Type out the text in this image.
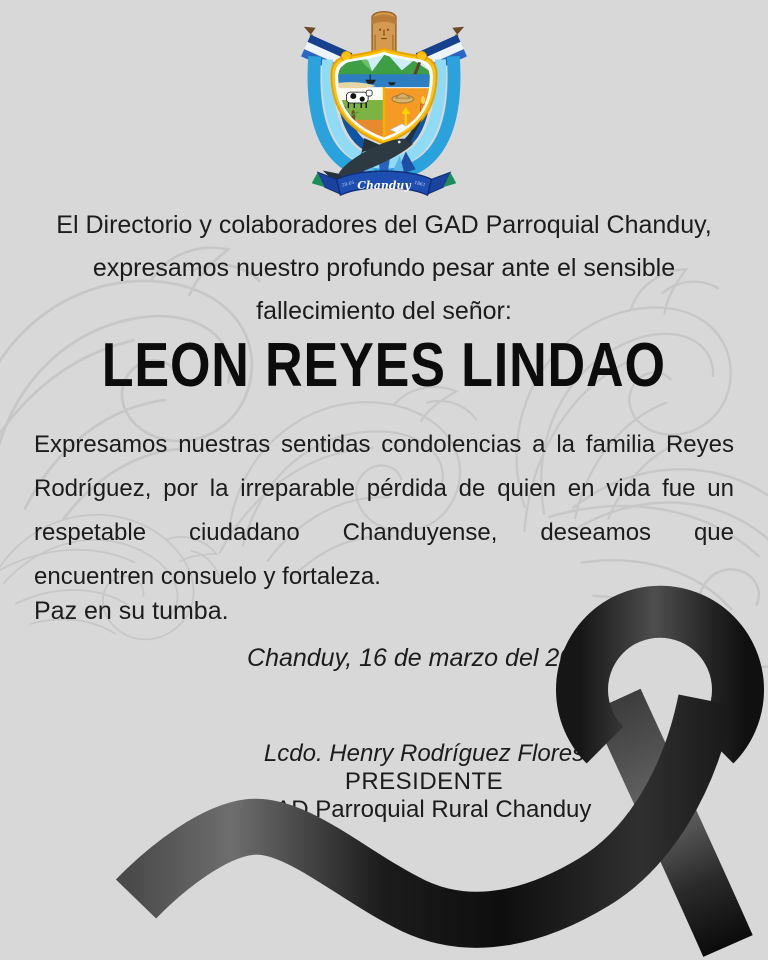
Chanduy
29-05	1861
El Directorio y colaboradores del GAD Parroquial Chanduy,
expresamos nuestro profundo pesar ante el sensible
fallecimiento del señor:
LEON REYES LINDAO
Expresamos nuestras sentidas condolencias a la familia Reyes
Rodríguez, por la irreparable pérdida de quien en vida fue un
respetable ciudadano Chanduyense, deseamos que
encuentren consuelo y fortaleza.
Paz en su tumba.
Chanduy, 16 de marzo del 2024
Lcdo. Henry Rodríguez Flores
PRESIDENTE
GAD Parroquial Rural Chanduy
